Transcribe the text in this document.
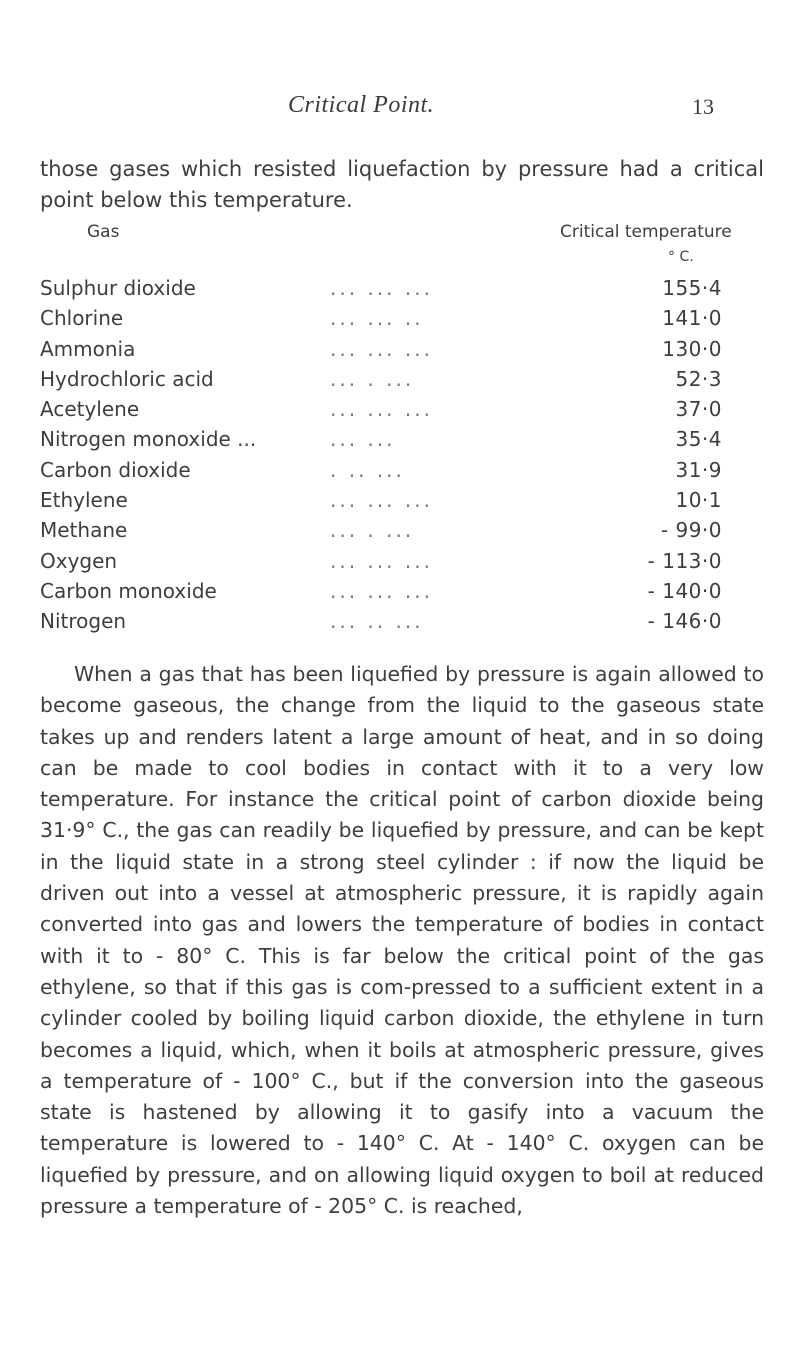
Critical Point.	13

those gases which resisted liquefaction by pressure had a critical point below this temperature.

Gas	Critical temperature
° C.
Sulphur dioxide	... ... ...	155·4
Chlorine	... ... ..	141·0
Ammonia	... ... ...	130·0
Hydrochloric acid	... . ...	52·3
Acetylene	... ... ...	37·0
Nitrogen monoxide ...	... ...	35·4
Carbon dioxide	. .. ...	31·9
Ethylene	... ... ...	10·1
Methane	... . ...	- 99·0
Oxygen	... ... ...	- 113·0
Carbon monoxide	... ... ...	- 140·0
Nitrogen	... .. ...	- 146·0

When a gas that has been liquefied by pressure is again allowed to become gaseous, the change from the liquid to the gaseous state takes up and renders latent a large amount of heat, and in so doing can be made to cool bodies in contact with it to a very low temperature. For instance the critical point of carbon dioxide being 31·9° C., the gas can readily be liquefied by pressure, and can be kept in the liquid state in a strong steel cylinder : if now the liquid be driven out into a vessel at atmospheric pressure, it is rapidly again converted into gas and lowers the temperature of bodies in contact with it to - 80° C. This is far below the critical point of the gas ethylene, so that if this gas is com-pressed to a sufficient extent in a cylinder cooled by boiling liquid carbon dioxide, the ethylene in turn becomes a liquid, which, when it boils at atmospheric pressure, gives a temperature of - 100° C., but if the conversion into the gaseous state is hastened by allowing it to gasify into a vacuum the temperature is lowered to - 140° C. At - 140° C. oxygen can be liquefied by pressure, and on allowing liquid oxygen to boil at reduced pressure a temperature of - 205° C. is reached,
